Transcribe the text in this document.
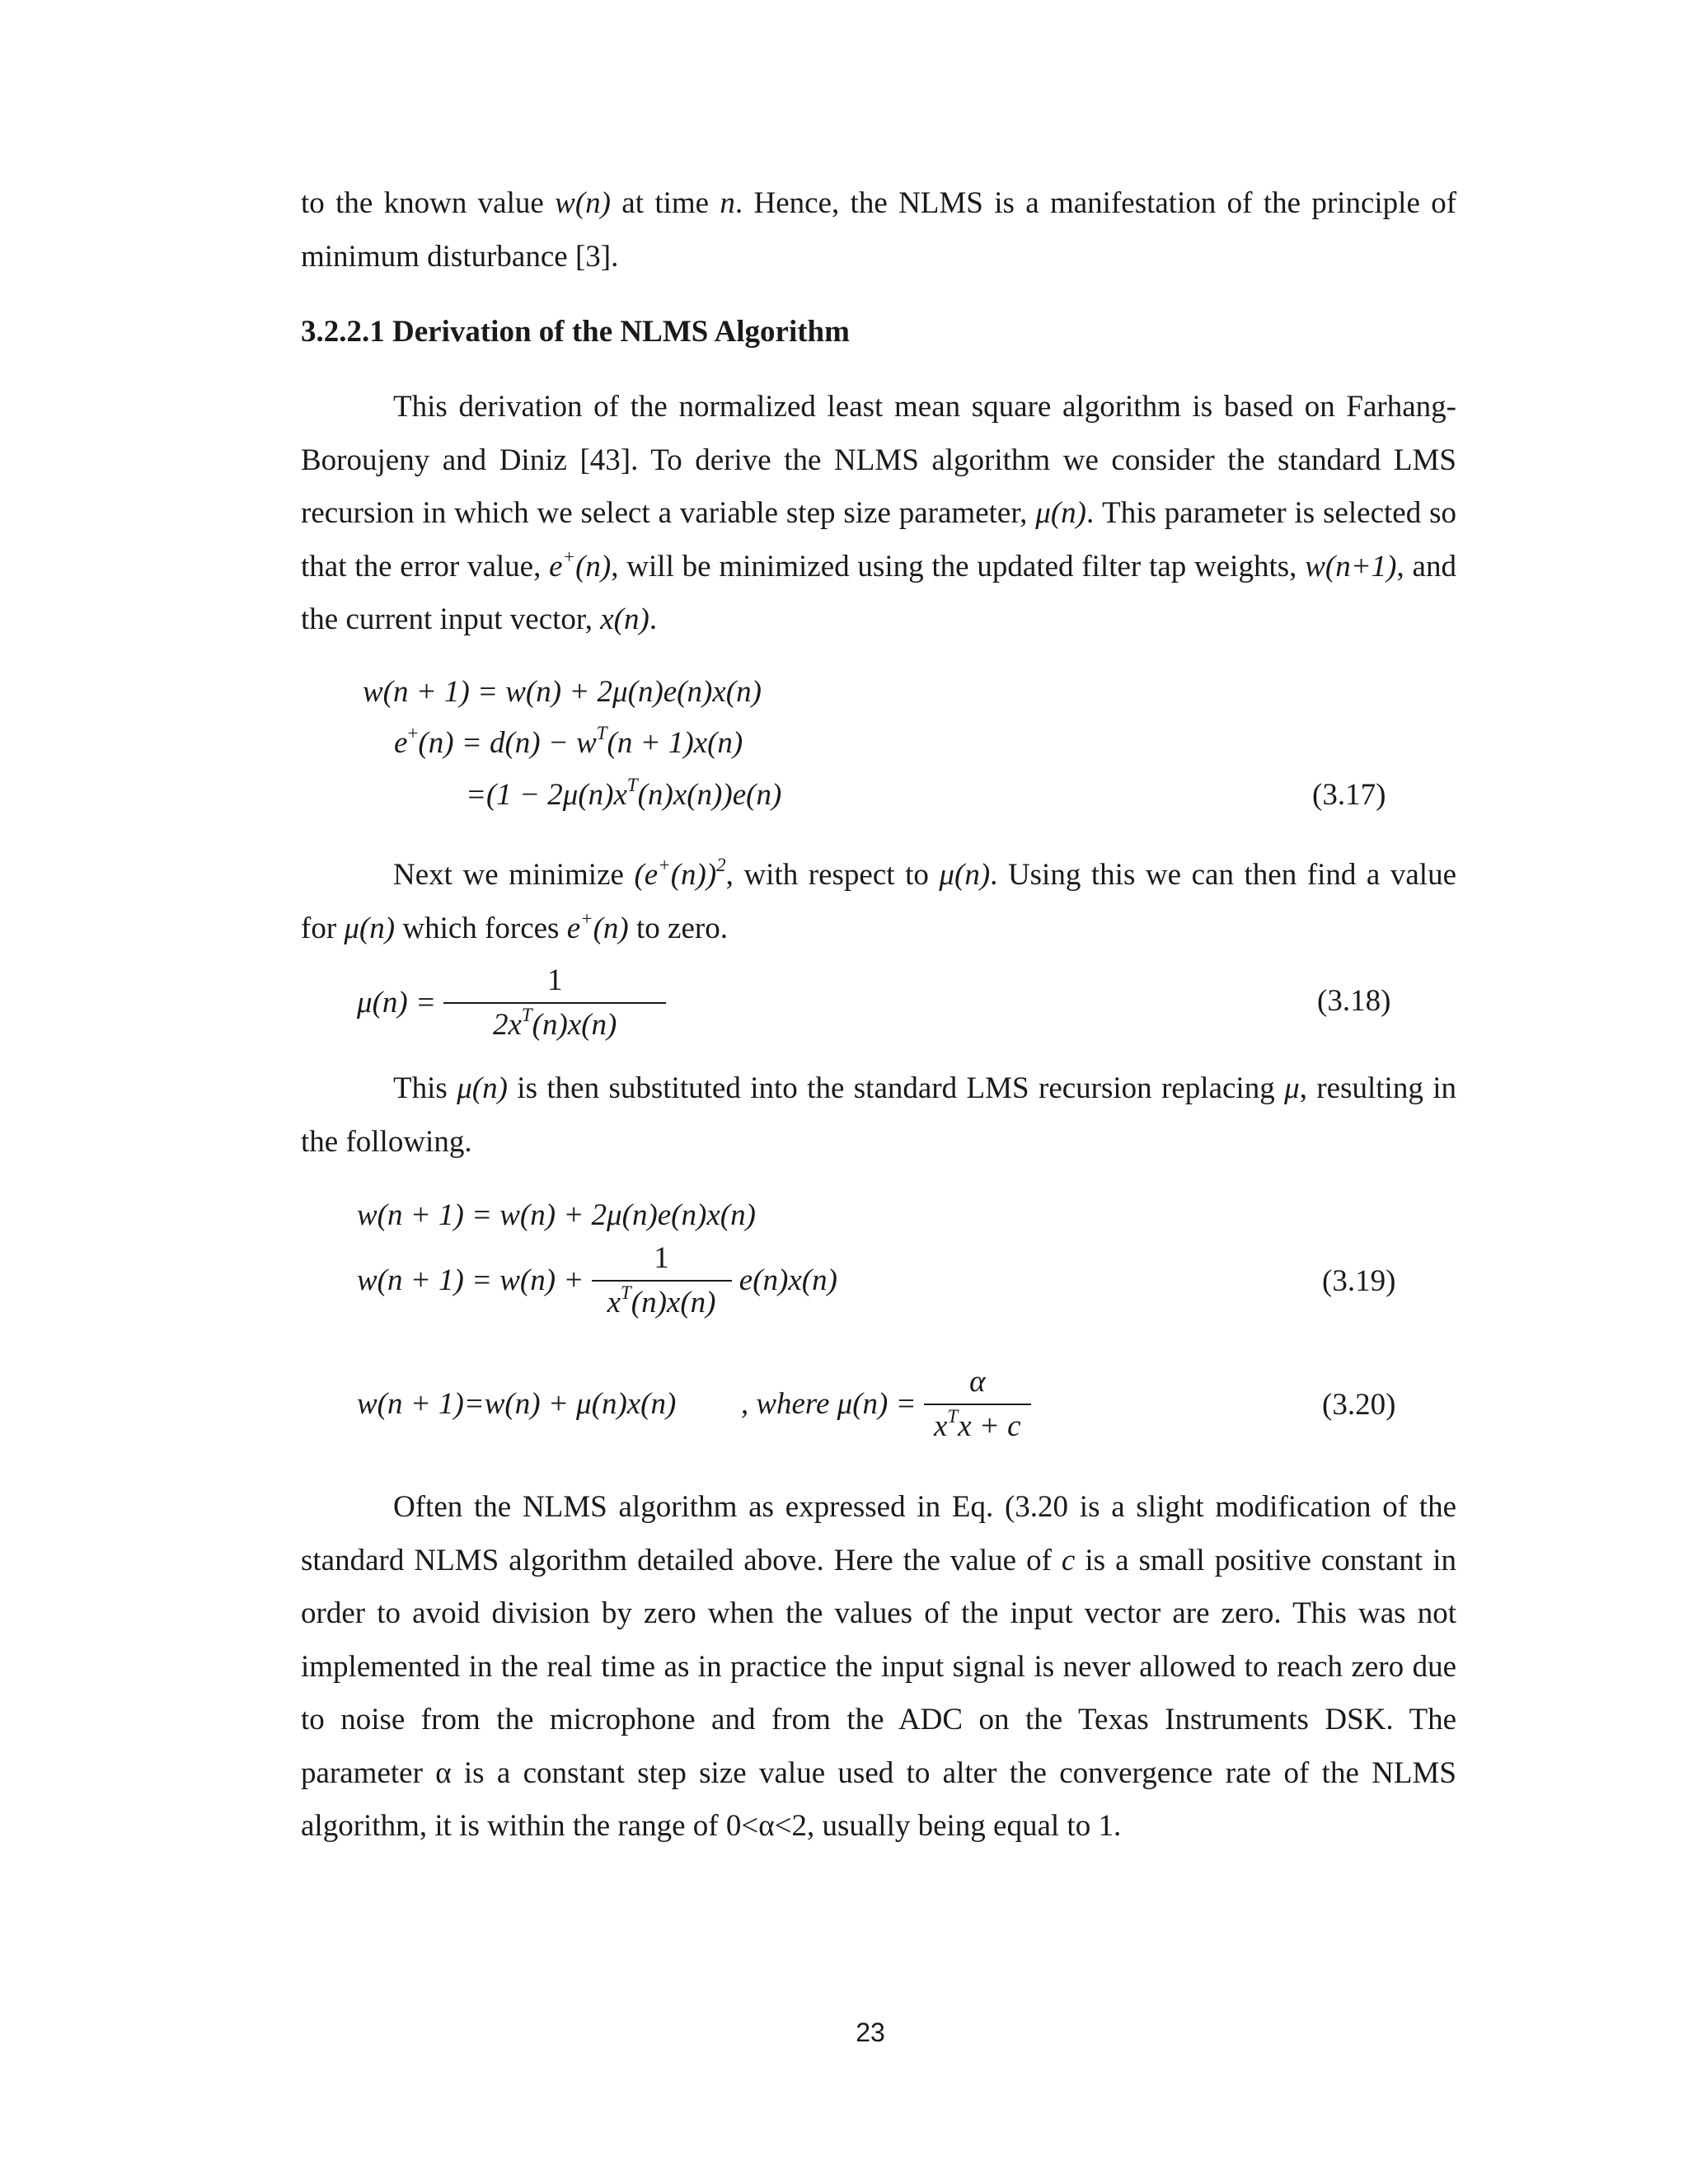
to the known value w(n) at time n. Hence, the NLMS is a manifestation of the principle of minimum disturbance [3].

3.2.2.1 Derivation of the NLMS Algorithm

This derivation of the normalized least mean square algorithm is based on Farhang-Boroujeny and Diniz [43]. To derive the NLMS algorithm we consider the standard LMS recursion in which we select a variable step size parameter, μ(n). This parameter is selected so that the error value, e+(n), will be minimized using the updated filter tap weights, w(n+1), and the current input vector, x(n).

w(n + 1) = w(n) + 2μ(n)e(n)x(n)
$e^+(n) = d(n) - w^T(n + 1)x(n)$
$=(1 - 2\mu(n)x^T(n)x(n))e(n)$	(3.17)

Next we minimize $(e^+(n))^2$, with respect to μ(n). Using this we can then find a value for μ(n) which forces e+(n) to zero.

$\mu(n) = \frac{1}{2x^T(n)x(n)}$	(3.18)

This μ(n) is then substituted into the standard LMS recursion replacing μ, resulting in the following.

w(n + 1) = w(n) + 2μ(n)e(n)x(n)
$w(n + 1) = w(n) + \frac{1}{x^T(n)x(n)} e(n)x(n)$	(3.19)
w(n + 1)=w(n) + μ(n)x(n) , where $\mu(n) = \frac{\alpha}{x^Tx + c}$	(3.20)

Often the NLMS algorithm as expressed in Eq. (3.20 is a slight modification of the standard NLMS algorithm detailed above. Here the value of c is a small positive constant in order to avoid division by zero when the values of the input vector are zero. This was not implemented in the real time as in practice the input signal is never allowed to reach zero due to noise from the microphone and from the ADC on the Texas Instruments DSK. The parameter α is a constant step size value used to alter the convergence rate of the NLMS algorithm, it is within the range of 0<α<2, usually being equal to 1.

23
